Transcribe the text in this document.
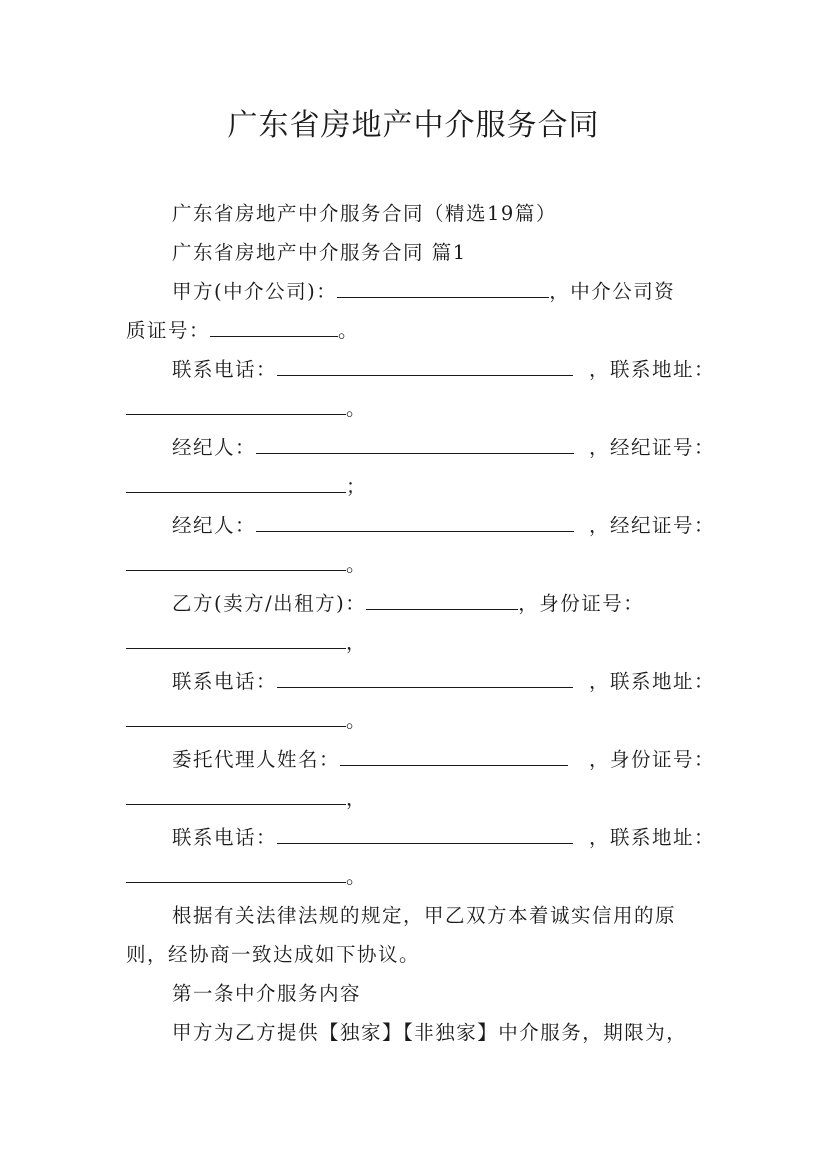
广东省房地产中介服务合同
广东省房地产中介服务合同（精选19篇）
广东省房地产中介服务合同 篇1
甲方(中介公司)：	，中介公司资
质证号：	。
联系电话：	，联系地址：
。
经纪人：	，经纪证号：
；
经纪人：	，经纪证号：
。
乙方(卖方/出租方)：	，身份证号：
，
联系电话：	，联系地址：
。
委托代理人姓名：	，身份证号：
，
联系电话：	，联系地址：
。
根据有关法律法规的规定，甲乙双方本着诚实信用的原
则，经协商一致达成如下协议。
第一条中介服务内容
甲方为乙方提供【独家】【非独家】中介服务，期限为，
